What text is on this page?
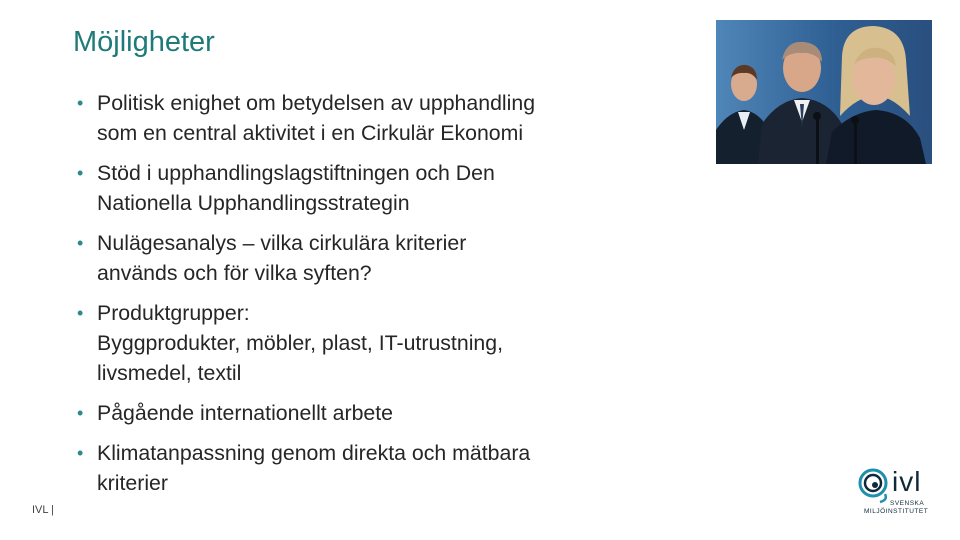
Möjligheter
• Politisk enighet om betydelsen av upphandling
som en central aktivitet i en Cirkulär Ekonomi
• Stöd i upphandlingslagstiftningen och Den
Nationella Upphandlingsstrategin
• Nulägesanalys – vilka cirkulära kriterier
används och för vilka syften?
• Produktgrupper:
Byggprodukter, möbler, plast, IT-utrustning,
livsmedel, textil
• Pågående internationellt arbete
• Klimatanpassning genom direkta och mätbara
kriterier
IVL |
ivl
SVENSKA
MILJÖINSTITUTET
